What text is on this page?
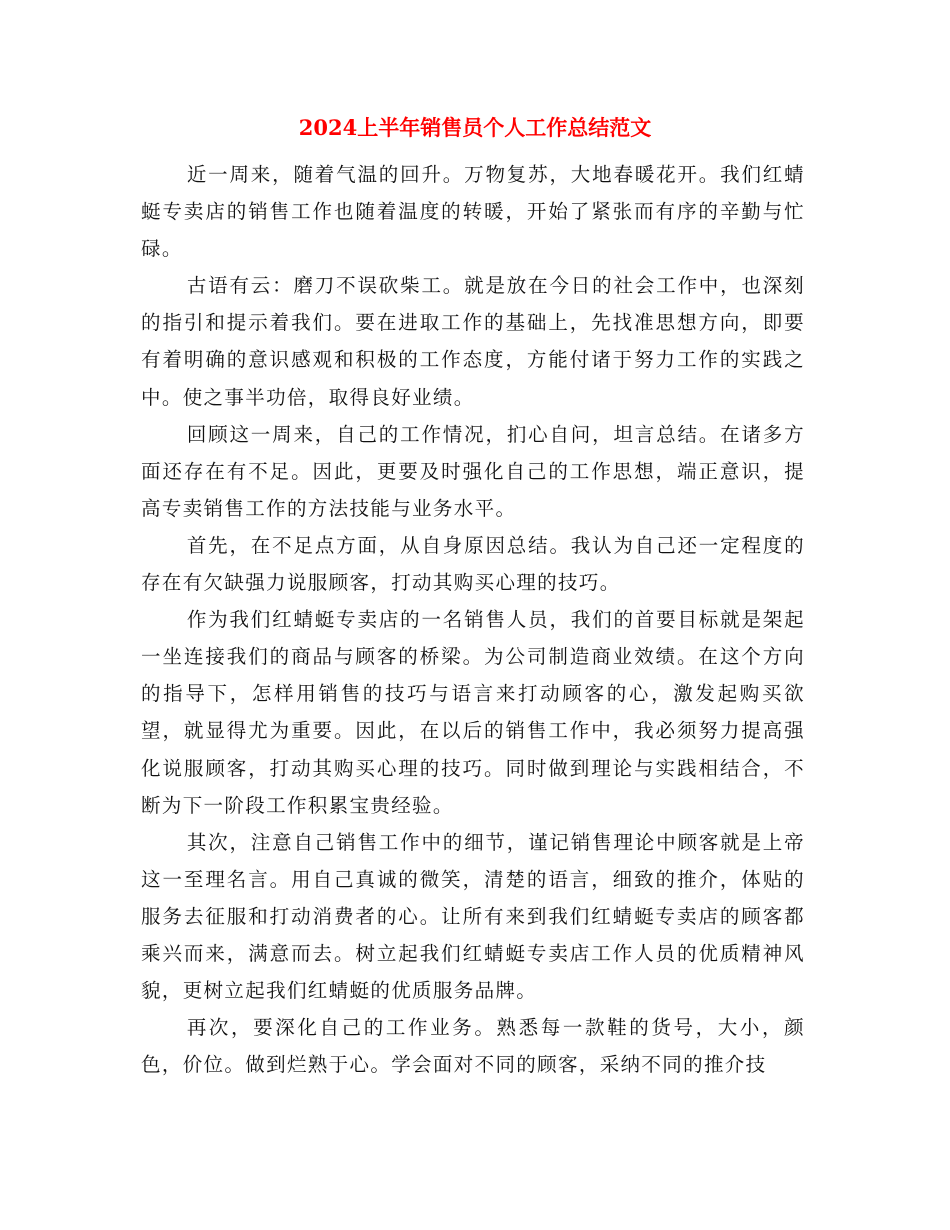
2024上半年销售员个人工作总结范文

近一周来，随着气温的回升。万物复苏，大地春暖花开。我们红蜻蜓专卖店的销售工作也随着温度的转暖，开始了紧张而有序的辛勤与忙碌。

古语有云：磨刀不误砍柴工。就是放在今日的社会工作中，也深刻的指引和提示着我们。要在进取工作的基础上，先找准思想方向，即要有着明确的意识感观和积极的工作态度，方能付诸于努力工作的实践之中。使之事半功倍，取得良好业绩。

回顾这一周来，自己的工作情况，扪心自问，坦言总结。在诸多方面还存在有不足。因此，更要及时强化自己的工作思想，端正意识，提高专卖销售工作的方法技能与业务水平。

首先，在不足点方面，从自身原因总结。我认为自己还一定程度的存在有欠缺强力说服顾客，打动其购买心理的技巧。

作为我们红蜻蜓专卖店的一名销售人员，我们的首要目标就是架起一坐连接我们的商品与顾客的桥梁。为公司制造商业效绩。在这个方向的指导下，怎样用销售的技巧与语言来打动顾客的心，激发起购买欲望，就显得尤为重要。因此，在以后的销售工作中，我必须努力提高强化说服顾客，打动其购买心理的技巧。同时做到理论与实践相结合，不断为下一阶段工作积累宝贵经验。

其次，注意自己销售工作中的细节，谨记销售理论中顾客就是上帝这一至理名言。用自己真诚的微笑，清楚的语言，细致的推介，体贴的服务去征服和打动消费者的心。让所有来到我们红蜻蜓专卖店的顾客都乘兴而来，满意而去。树立起我们红蜻蜓专卖店工作人员的优质精神风貌，更树立起我们红蜻蜓的优质服务品牌。

再次，要深化自己的工作业务。熟悉每一款鞋的货号，大小，颜色，价位。做到烂熟于心。学会面对不同的顾客，采纳不同的推介技
